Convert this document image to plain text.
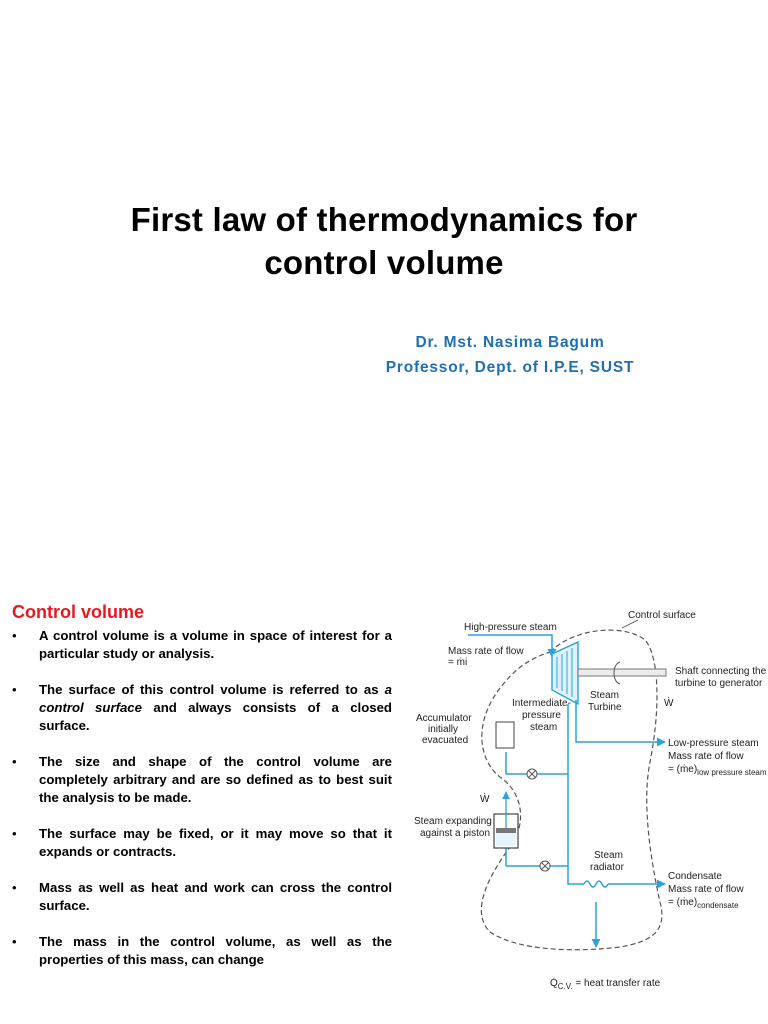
First law of thermodynamics for
control volume
Dr. Mst. Nasima Bagum
Professor, Dept. of I.P.E, SUST
Control volume
• A control volume is a volume in space of interest for a particular study or analysis.
• The surface of this control volume is referred to as a control surface and always consists of a closed surface.
• The size and shape of the control volume are completely arbitrary and are so defined as to best suit the analysis to be made.
• The surface may be fixed, or it may move so that it expands or contracts.
• Mass as well as heat and work can cross the control surface.
• The mass in the control volume, as well as the properties of this mass, can change
Control surface
High-pressure steam
Mass rate of flow
= ṁi
Shaft connecting the
turbine to generator
Steam
Turbine	Ẇ
Intermediate-
pressure
steam
Accumulator
initially
evacuated	Low-pressure steam
Mass rate of flow
= $(ṁe)_{low pressure steam}$
Ẇ
Steam expanding
against a piston
Steam
radiator
Condensate
Mass rate of flow
= $(ṁe)_{condensate}$
$Q̇_{C.V.}$ = heat transfer rate
